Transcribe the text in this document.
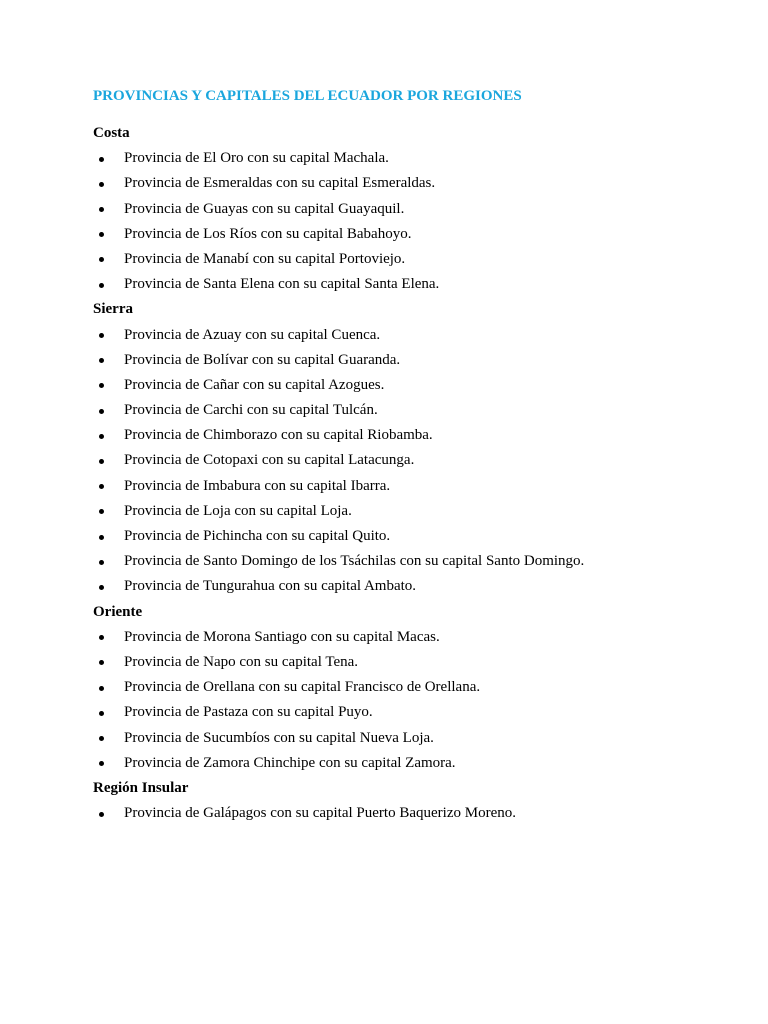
PROVINCIAS Y CAPITALES DEL ECUADOR POR REGIONES
Costa
Provincia de El Oro con su capital Machala.
Provincia de Esmeraldas con su capital Esmeraldas.
Provincia de Guayas con su capital Guayaquil.
Provincia de Los Ríos con su capital Babahoyo.
Provincia de Manabí con su capital Portoviejo.
Provincia de Santa Elena con su capital Santa Elena.
Sierra
Provincia de Azuay con su capital Cuenca.
Provincia de Bolívar con su capital Guaranda.
Provincia de Cañar con su capital Azogues.
Provincia de Carchi con su capital Tulcán.
Provincia de Chimborazo con su capital Riobamba.
Provincia de Cotopaxi con su capital Latacunga.
Provincia de Imbabura con su capital Ibarra.
Provincia de Loja con su capital Loja.
Provincia de Pichincha con su capital Quito.
Provincia de Santo Domingo de los Tsáchilas con su capital Santo Domingo.
Provincia de Tungurahua con su capital Ambato.
Oriente
Provincia de Morona Santiago con su capital Macas.
Provincia de Napo con su capital Tena.
Provincia de Orellana con su capital Francisco de Orellana.
Provincia de Pastaza con su capital Puyo.
Provincia de Sucumbíos con su capital Nueva Loja.
Provincia de Zamora Chinchipe con su capital Zamora.
Región Insular
Provincia de Galápagos con su capital Puerto Baquerizo Moreno.
